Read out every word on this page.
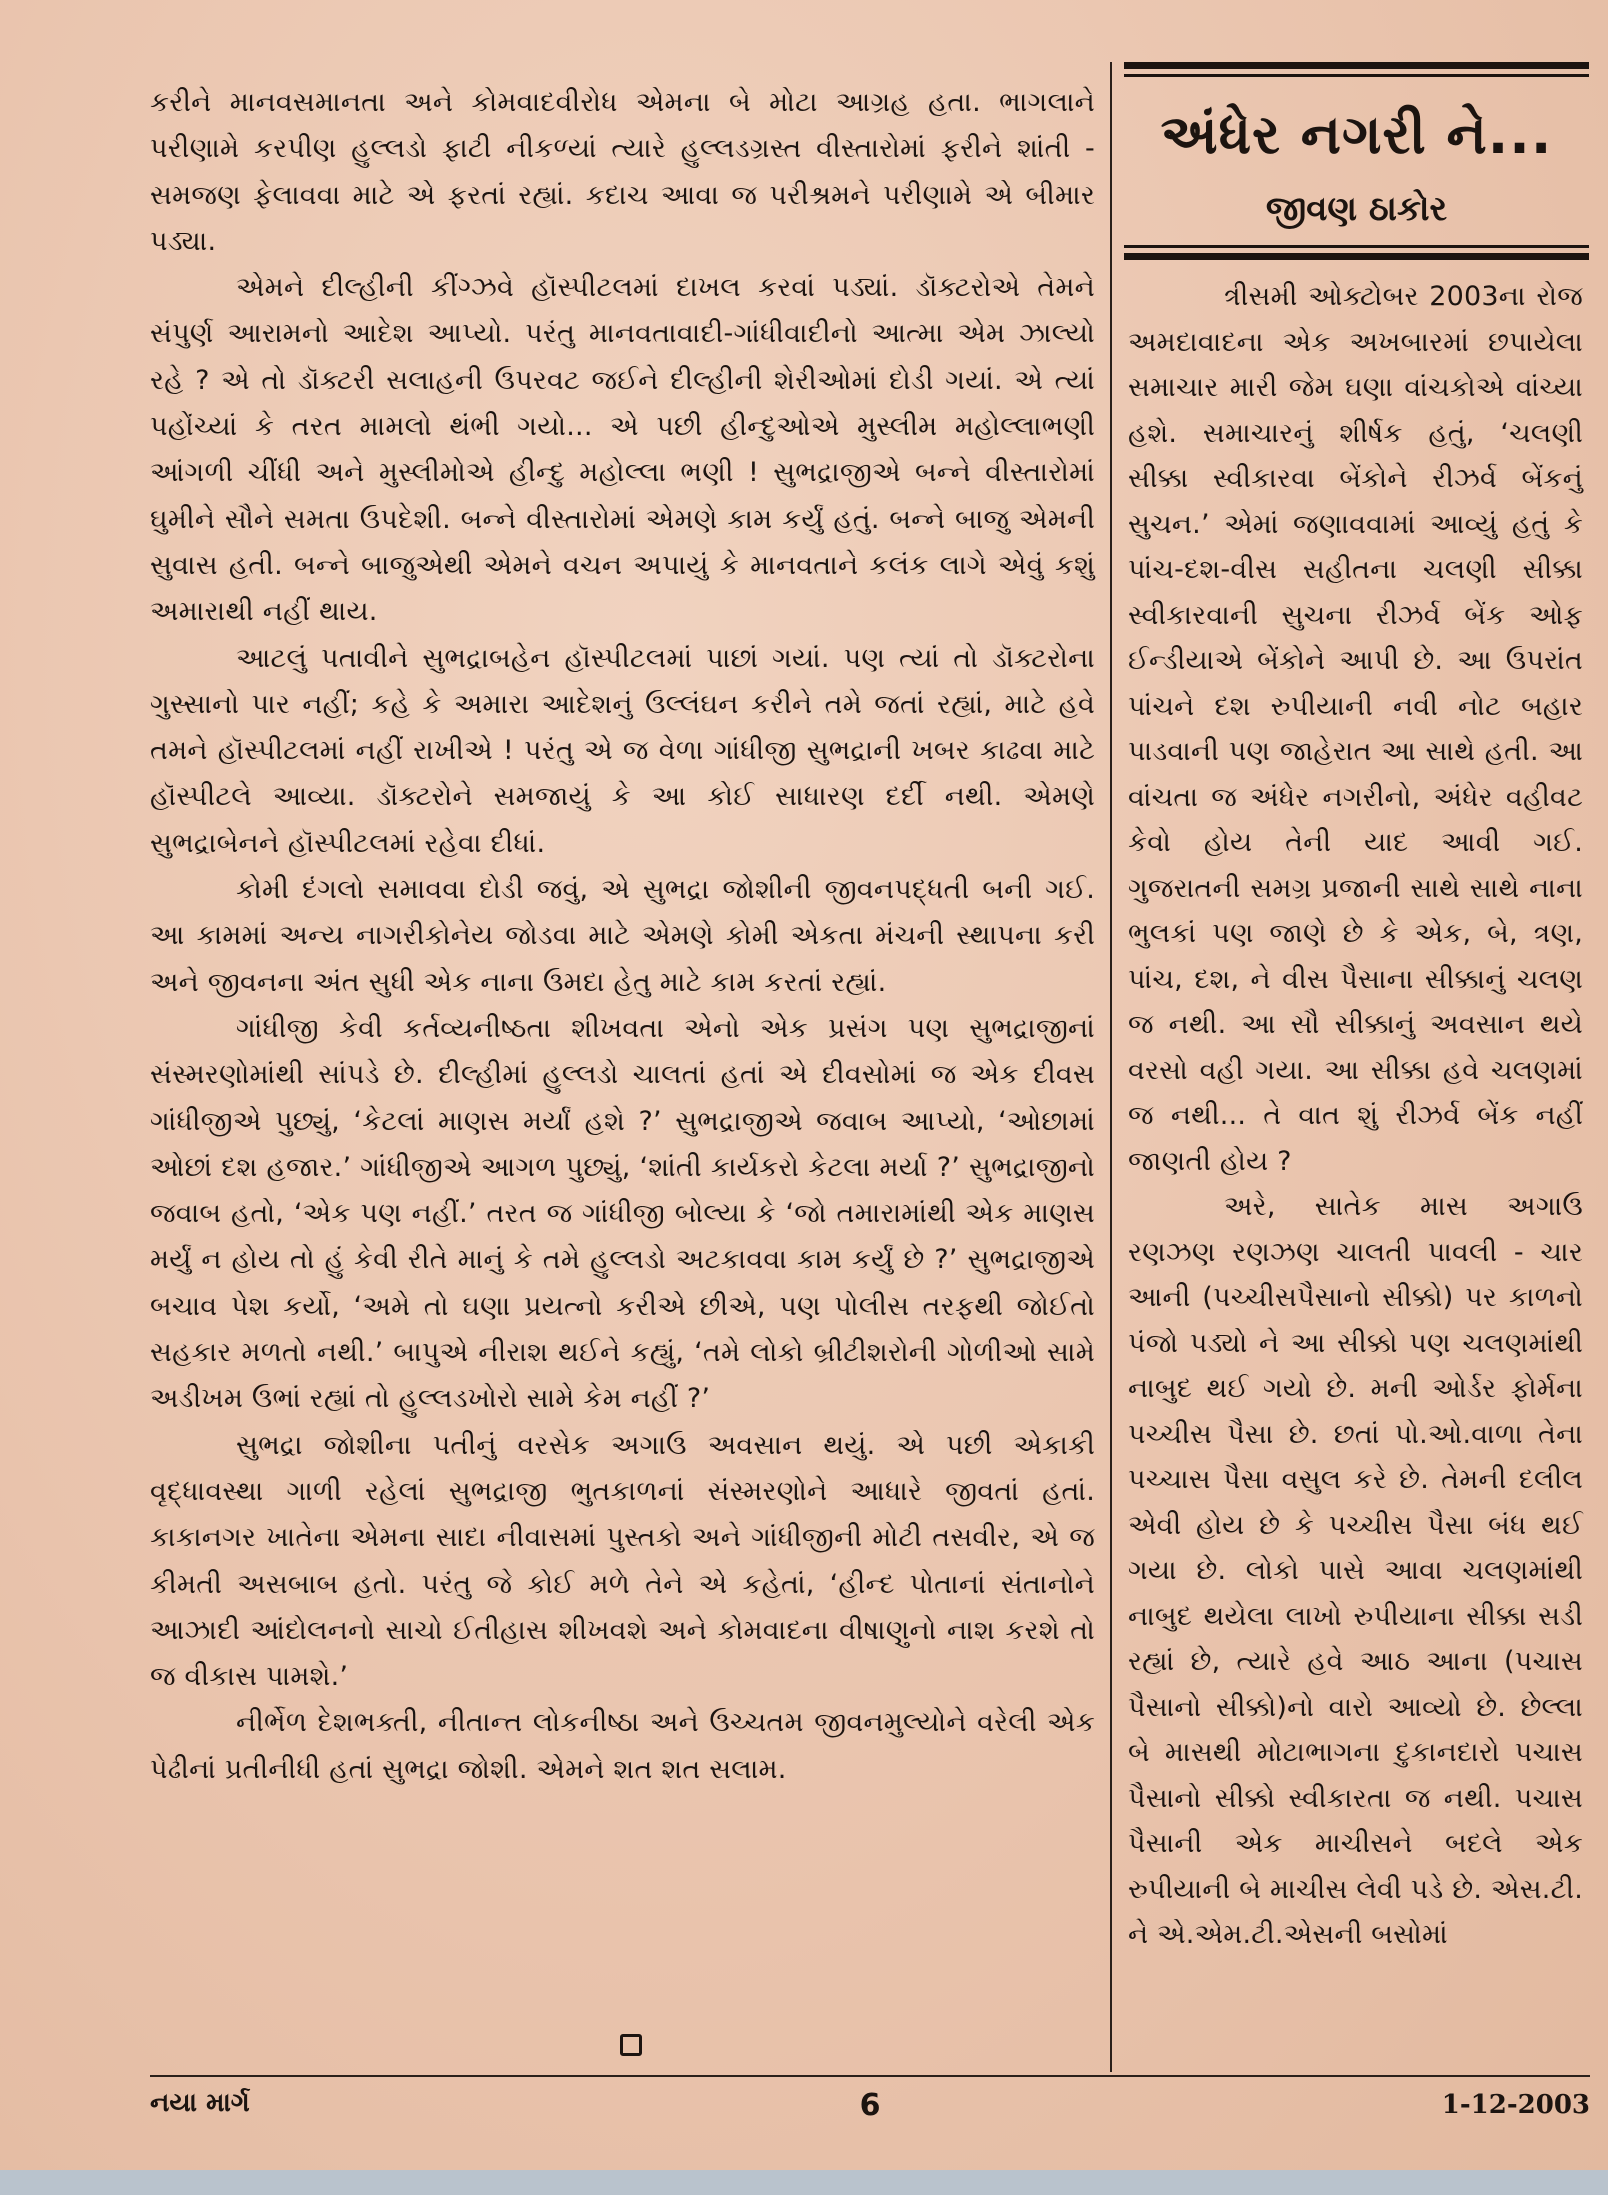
કરીને માનવસમાનતા અને કોમવાદવીરોધ એમના બે મોટા આગ્રહ હતા. ભાગલાને પરીણામે કરપીણ હુલ્લડો ફાટી નીકળ્યાં ત્યારે હુલ્લડગ્રસ્ત વીસ્તારોમાં ફરીને શાંતી - સમજણ ફેલાવવા માટે એ ફરતાં રહ્યાં. કદાચ આવા જ પરીશ્રમને પરીણામે એ બીમાર પડ્યા.

એમને દીલ્હીની કીંગ્ઝવે હૉસ્પીટલમાં દાખલ કરવાં પડ્યાં. ડૉક્ટરોએ તેમને સંપુર્ણ આરામનો આદેશ આપ્યો. પરંતુ માનવતાવાદી-ગાંધીવાદીનો આત્મા એમ ઝાલ્યો રહે ? એ તો ડૉક્ટરી સલાહની ઉપરવટ જઈને દીલ્હીની શેરીઓમાં દોડી ગયાં. એ ત્યાં પહોંચ્યાં કે તરત મામલો થંભી ગયો... એ પછી હીન્દુઓએ મુસ્લીમ મહોલ્લાભણી આંગળી ચીંધી અને મુસ્લીમોએ હીન્દુ મહોલ્લા ભણી ! સુભદ્રાજીએ બન્ને વીસ્તારોમાં ઘુમીને સૌને સમતા ઉપદેશી. બન્ને વીસ્તારોમાં એમણે કામ કર્યું હતું. બન્ને બાજુ એમની સુવાસ હતી. બન્ને બાજુએથી એમને વચન અપાયું કે માનવતાને કલંક લાગે એવું કશું અમારાથી નહીં થાય.

આટલું પતાવીને સુભદ્રાબહેન હૉસ્પીટલમાં પાછાં ગયાં. પણ ત્યાં તો ડૉક્ટરોના ગુસ્સાનો પાર નહીં; કહે કે અમારા આદેશનું ઉલ્લંઘન કરીને તમે જતાં રહ્યાં, માટે હવે તમને હૉસ્પીટલમાં નહીં રાખીએ ! પરંતુ એ જ વેળા ગાંધીજી સુભદ્રાની ખબર કાઢવા માટે હૉસ્પીટલે આવ્યા. ડૉક્ટરોને સમજાયું કે આ કોઈ સાધારણ દર્દી નથી. એમણે સુભદ્રાબેનને હૉસ્પીટલમાં રહેવા દીધાં.

કોમી દંગલો સમાવવા દોડી જવું, એ સુભદ્રા જોશીની જીવનપદ્ધતી બની ગઈ. આ કામમાં અન્ય નાગરીકોનેય જોડવા માટે એમણે કોમી એકતા મંચની સ્થાપના કરી અને જીવનના અંત સુધી એક નાના ઉમદા હેતુ માટે કામ કરતાં રહ્યાં.

ગાંધીજી કેવી કર્તવ્યનીષ્ઠતા શીખવતા એનો એક પ્રસંગ પણ સુભદ્રાજીનાં સંસ્મરણોમાંથી સાંપડે છે. દીલ્હીમાં હુલ્લડો ચાલતાં હતાં એ દીવસોમાં જ એક દીવસ ગાંધીજીએ પુછ્યું, ‘કેટલાં માણસ મર્યાં હશે ?’ સુભદ્રાજીએ જવાબ આપ્યો, ‘ઓછામાં ઓછાં દશ હજાર.’ ગાંધીજીએ આગળ પુછ્યું, ‘શાંતી કાર્યકરો કેટલા મર્યા ?’ સુભદ્રાજીનો જવાબ હતો, ‘એક પણ નહીં.’ તરત જ ગાંધીજી બોલ્યા કે ‘જો તમારામાંથી એક માણસ મર્યું ન હોય તો હું કેવી રીતે માનું કે તમે હુલ્લડો અટકાવવા કામ કર્યું છે ?’ સુભદ્રાજીએ બચાવ પેશ કર્યો, ‘અમે તો ઘણા પ્રયત્નો કરીએ છીએ, પણ પોલીસ તરફથી જોઈતો સહકાર મળતો નથી.’ બાપુએ નીરાશ થઈને કહ્યું, ‘તમે લોકો બ્રીટીશરોની ગોળીઓ સામે અડીખમ ઉભાં રહ્યાં તો હુલ્લડખોરો સામે કેમ નહીં ?’

સુભદ્રા જોશીના પતીનું વરસેક અગાઉ અવસાન થયું. એ પછી એકાકી વૃદ્ધાવસ્થા ગાળી રહેલાં સુભદ્રાજી ભુતકાળનાં સંસ્મરણોને આધારે જીવતાં હતાં. કાકાનગર ખાતેના એમના સાદા નીવાસમાં પુસ્તકો અને ગાંધીજીની મોટી તસવીર, એ જ કીમતી અસબાબ હતો. પરંતુ જે કોઈ મળે તેને એ કહેતાં, ‘હીન્દ પોતાનાં સંતાનોને આઝાદી આંદોલનનો સાચો ઈતીહાસ શીખવશે અને કોમવાદના વીષાણુનો નાશ કરશે તો જ વીકાસ પામશે.’

નીર્ભેળ દેશભક્તી, નીતાન્ત લોકનીષ્ઠા અને ઉચ્ચતમ જીવનમુલ્યોને વરેલી એક પેઢીનાં પ્રતીનીધી હતાં સુભદ્રા જોશી. એમને શત શત સલામ.

અંધેર નગરી ને...
જીવણ ઠાકોર

ત્રીસમી ઓક્ટોબર 2003ના રોજ અમદાવાદના એક અખબારમાં છપાયેલા સમાચાર મારી જેમ ઘણા વાંચકોએ વાંચ્યા હશે. સમાચારનું શીર્ષક હતું, ‘ચલણી સીક્કા સ્વીકારવા બેંકોને રીઝર્વ બેંકનું સુચન.’ એમાં જણાવવામાં આવ્યું હતું કે પાંચ-દશ-વીસ સહીતના ચલણી સીક્કા સ્વીકારવાની સુચના રીઝર્વ બેંક ઓફ ઈન્ડીયાએ બેંકોને આપી છે. આ ઉપરાંત પાંચને દશ રુપીયાની નવી નોટ બહાર પાડવાની પણ જાહેરાત આ સાથે હતી. આ વાંચતા જ અંધેર નગરીનો, અંધેર વહીવટ કેવો હોય તેની યાદ આવી ગઈ. ગુજરાતની સમગ્ર પ્રજાની સાથે સાથે નાના ભુલકાં પણ જાણે છે કે એક, બે, ત્રણ, પાંચ, દશ, ને વીસ પૈસાના સીક્કાનું ચલણ જ નથી. આ સૌ સીક્કાનું અવસાન થયે વરસો વહી ગયા. આ સીક્કા હવે ચલણમાં જ નથી... તે વાત શું રીઝર્વ બેંક નહીં જાણતી હોય ?

અરે, સાતેક માસ અગાઉ રણઝણ રણઝણ ચાલતી પાવલી - ચાર આની (પચ્ચીસપૈસાનો સીક્કો) પર કાળનો પંજો પડ્યો ને આ સીક્કો પણ ચલણમાંથી નાબુદ થઈ ગયો છે. મની ઓર્ડર ફોર્મના પચ્ચીસ પૈસા છે. છતાં પો.ઓ.વાળા તેના પચ્ચાસ પૈસા વસુલ કરે છે. તેમની દલીલ એવી હોય છે કે પચ્ચીસ પૈસા બંધ થઈ ગયા છે. લોકો પાસે આવા ચલણમાંથી નાબુદ થયેલા લાખો રુપીયાના સીક્કા સડી રહ્યાં છે, ત્યારે હવે આઠ આના (પચાસ પૈસાનો સીક્કો)નો વારો આવ્યો છે. છેલ્લા બે માસથી મોટાભાગના દુકાનદારો પચાસ પૈસાનો સીક્કો સ્વીકારતા જ નથી. પચાસ પૈસાની એક માચીસને બદલે એક રુપીયાની બે માચીસ લેવી પડે છે. એસ.ટી. ને એ.એમ.ટી.એસની બસોમાં

નયા માર્ગ	6	1-12-2003
